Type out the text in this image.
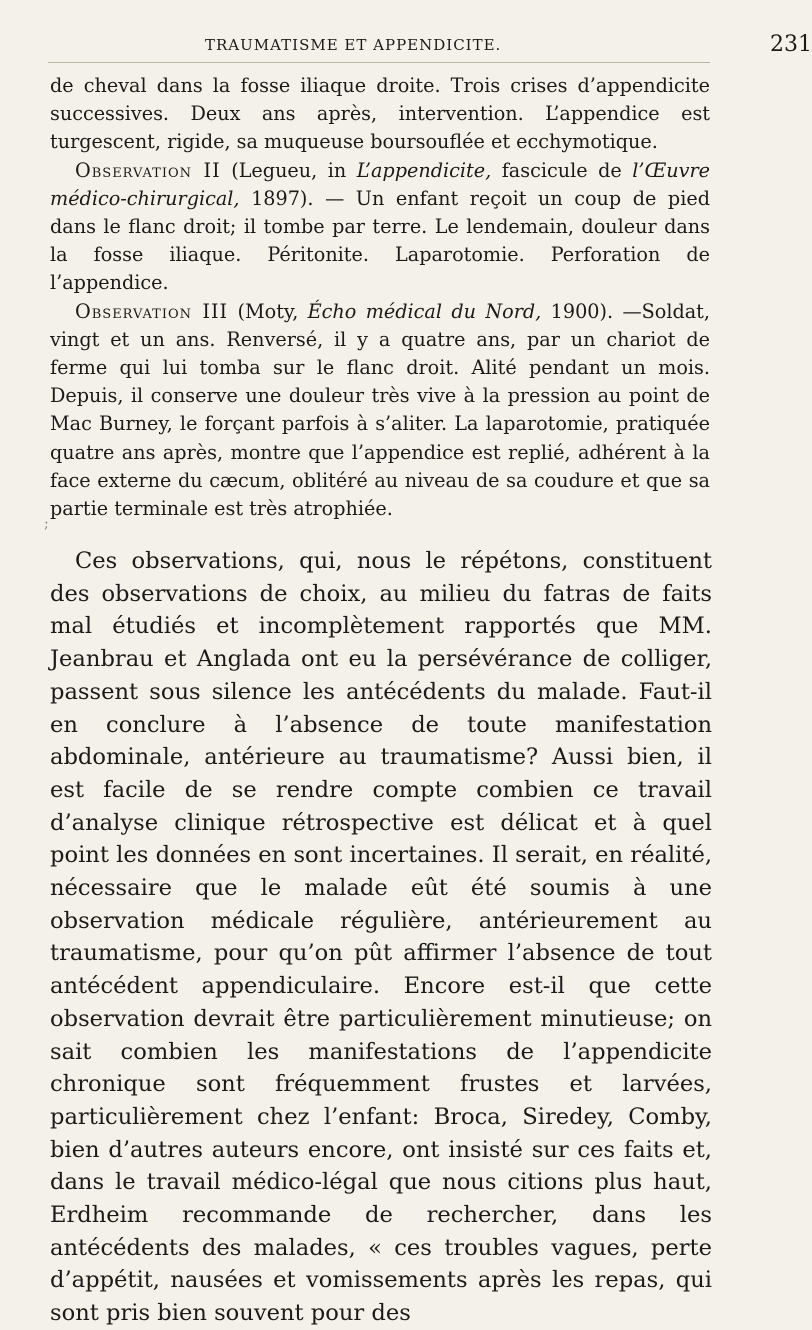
TRAUMATISME ET APPENDICITE.	231

de cheval dans la fosse iliaque droite. Trois crises d’appendicite successives. Deux ans après, intervention. L’appendice est turgescent, rigide, sa muqueuse boursouflée et ecchymotique.

Observation II (Legueu, in L’appendicite, fascicule de l’Œuvre médico-chirurgical, 1897). — Un enfant reçoit un coup de pied dans le flanc droit; il tombe par terre. Le lendemain, douleur dans la fosse iliaque. Péritonite. Laparotomie. Perforation de l’appendice.

Observation III (Moty, Écho médical du Nord, 1900). —Soldat, vingt et un ans. Renversé, il y a quatre ans, par un chariot de ferme qui lui tomba sur le flanc droit. Alité pendant un mois. Depuis, il conserve une douleur très vive à la pression au point de Mac Burney, le forçant parfois à s’aliter. La laparotomie, pratiquée quatre ans après, montre que l’appendice est replié, adhérent à la face externe du cæcum, oblitéré au niveau de sa coudure et que sa partie terminale est très atrophiée.

;

Ces observations, qui, nous le répétons, constituent des observations de choix, au milieu du fatras de faits mal étudiés et incomplètement rapportés que MM. Jeanbrau et Anglada ont eu la persévérance de colliger, passent sous silence les antécédents du malade. Faut-il en conclure à l’absence de toute manifestation abdominale, antérieure au traumatisme? Aussi bien, il est facile de se rendre compte combien ce travail d’analyse clinique rétrospective est délicat et à quel point les données en sont incertaines. Il serait, en réalité, nécessaire que le malade eût été soumis à une observation médicale régulière, antérieurement au traumatisme, pour qu’on pût affirmer l’absence de tout antécédent appendiculaire. Encore est-il que cette observation devrait être particulièrement minutieuse; on sait combien les manifestations de l’appendicite chronique sont fréquemment frustes et larvées, particulièrement chez l’enfant: Broca, Siredey, Comby, bien d’autres auteurs encore, ont insisté sur ces faits et, dans le travail médico-légal que nous citions plus haut, Erdheim recommande de rechercher, dans les antécédents des malades, « ces troubles vagues, perte d’appétit, nausées et vomissements après les repas, qui sont pris bien souvent pour des
